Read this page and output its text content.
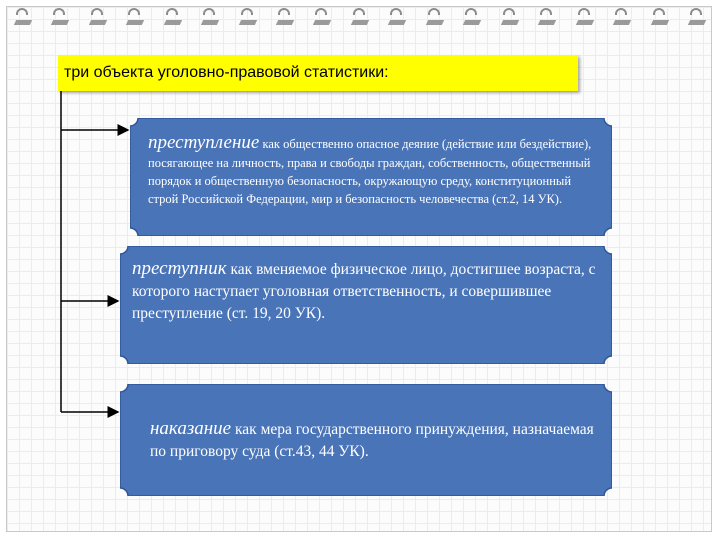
три объекта уголовно-правовой статистики:
преступление как общественно опасное деяние (действие или бездействие), посягающее на личность, права и свободы граждан, собственность, общественный порядок и общественную безопасность, окружающую среду, конституционный строй Российской Федерации, мир и безопасность человечества (ст.2, 14 УК).
преступник как вменяемое физическое лицо, достигшее возраста, с которого наступает уголовная ответственность, и совершившее преступление (ст. 19, 20 УК).
наказание как мера государственного принуждения, назначаемая по приговору суда (ст.43, 44 УК).
